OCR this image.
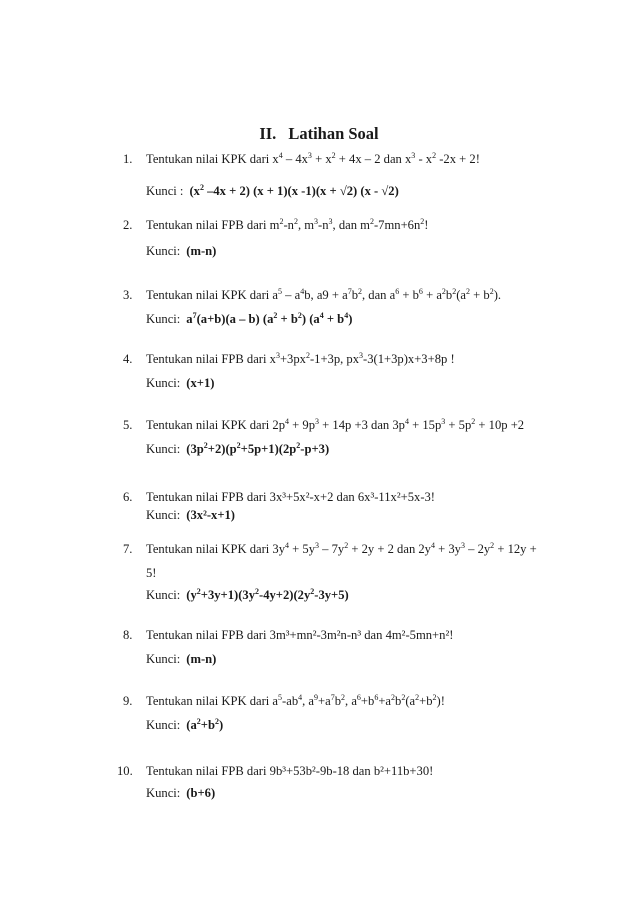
II. Latihan Soal
1. Tentukan nilai KPK dari $x^4 - 4x^3 + x^2 + 4x - 2$ dan $x^3 - x^2$ -2x + 2!
Kunci : ($x^2$ –4x + 2) (x + 1)(x -1)(x + √2) (x - √2)
2. Tentukan nilai FPB dari $m^2-n^2$, $m^3-n^3$, dan $m^2-7mn+6n^2$!
Kunci: (m-n)
3. Tentukan nilai KPK dari $a^5 - a^4b$, $a9 + a^7b^2$, dan $a^6 + b^6 + a^2b^2(a^2 + b^2)$.
Kunci: $a^7(a+b)(a - b) (a^2 + b^2) (a^4 + b^4)$
4. Tentukan nilai FPB dari $x^3+3px^2-1+3p$, $px^3-3(1+3p)x+3+8p$ !
Kunci: (x+1)
5. Tentukan nilai KPK dari $2p^4 + 9p^3 + 14p +3$ dan $3p^4 + 15p^3 + 5p^2 + 10p +2$
Kunci: $(3p^2+2)(p^2+5p+1)(2p^2-p+3)$
6. Tentukan nilai FPB dari 3x³+5x²-x+2 dan 6x³-11x²+5x-3!
Kunci: (3x²-x+1)
7. Tentukan nilai KPK dari $3y^4 + 5y^3 - 7y^2 + 2y + 2$ dan $2y^4 + 3y^3 - 2y^2 + 12y$ +
5!
Kunci: $(y^2+3y+1)(3y^2-4y+2)(2y^2-3y+5)$
8. Tentukan nilai FPB dari 3m³+mn²-3m²n-n³ dan 4m²-5mn+n²!
Kunci: (m-n)
9. Tentukan nilai KPK dari $a^5-ab^4$, $a^9+a^7b^2$, $a^6+b^6+a^2b^2(a^2+b^2)$!
Kunci: $(a^2+b^2)$
10. Tentukan nilai FPB dari 9b³+53b²-9b-18 dan b²+11b+30!
Kunci: (b+6)
